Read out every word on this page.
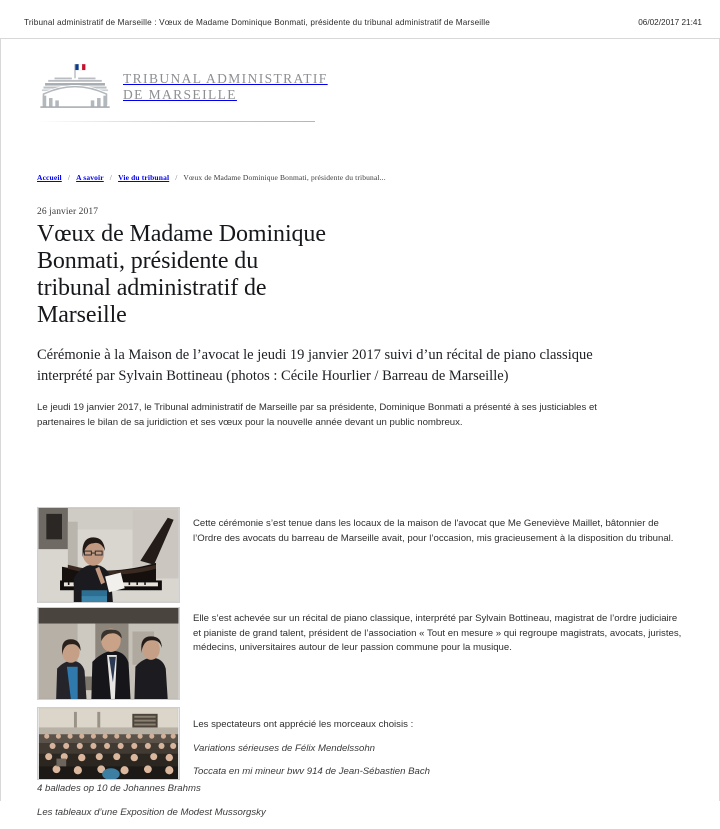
Tribunal administratif de Marseille : Vœux de Madame Dominique Bonmati, présidente du tribunal administratif de Marseille	06/02/2017 21:41
TRIBUNAL ADMINISTRATIF
DE MARSEILLE
Accueil / A savoir / Vie du tribunal / Vœux de Madame Dominique Bonmati, présidente du tribunal...
26 janvier 2017
Vœux de Madame Dominique Bonmati, présidente du tribunal administratif de Marseille

Cérémonie à la Maison de l’avocat le jeudi 19 janvier 2017 suivi d’un récital de piano classique interprété par Sylvain Bottineau (photos : Cécile Hourlier / Barreau de Marseille)

Le jeudi 19 janvier 2017, le Tribunal administratif de Marseille par sa présidente, Dominique Bonmati a présenté à ses justiciables et partenaires le bilan de sa juridiction et ses vœux pour la nouvelle année devant un public nombreux.

Cette cérémonie s’est tenue dans les locaux de la maison de l'avocat que Me Geneviève Maillet, bâtonnier de l’Ordre des avocats du barreau de Marseille avait, pour l’occasion, mis gracieusement à la disposition du tribunal.
Elle s’est achevée sur un récital de piano classique, interprété par Sylvain Bottineau, magistrat de l’ordre judiciaire et pianiste de grand talent, président de l’association « Tout en mesure » qui regroupe magistrats, avocats, juristes, médecins, universitaires autour de leur passion commune pour la musique.
Les spectateurs ont apprécié les morceaux choisis :
Variations sérieuses de Félix Mendelssohn
Toccata en mi mineur bwv 914 de Jean-Sébastien Bach
4 ballades op 10 de Johannes Brahms
Les tableaux d’une Exposition de Modest Mussorgsky
